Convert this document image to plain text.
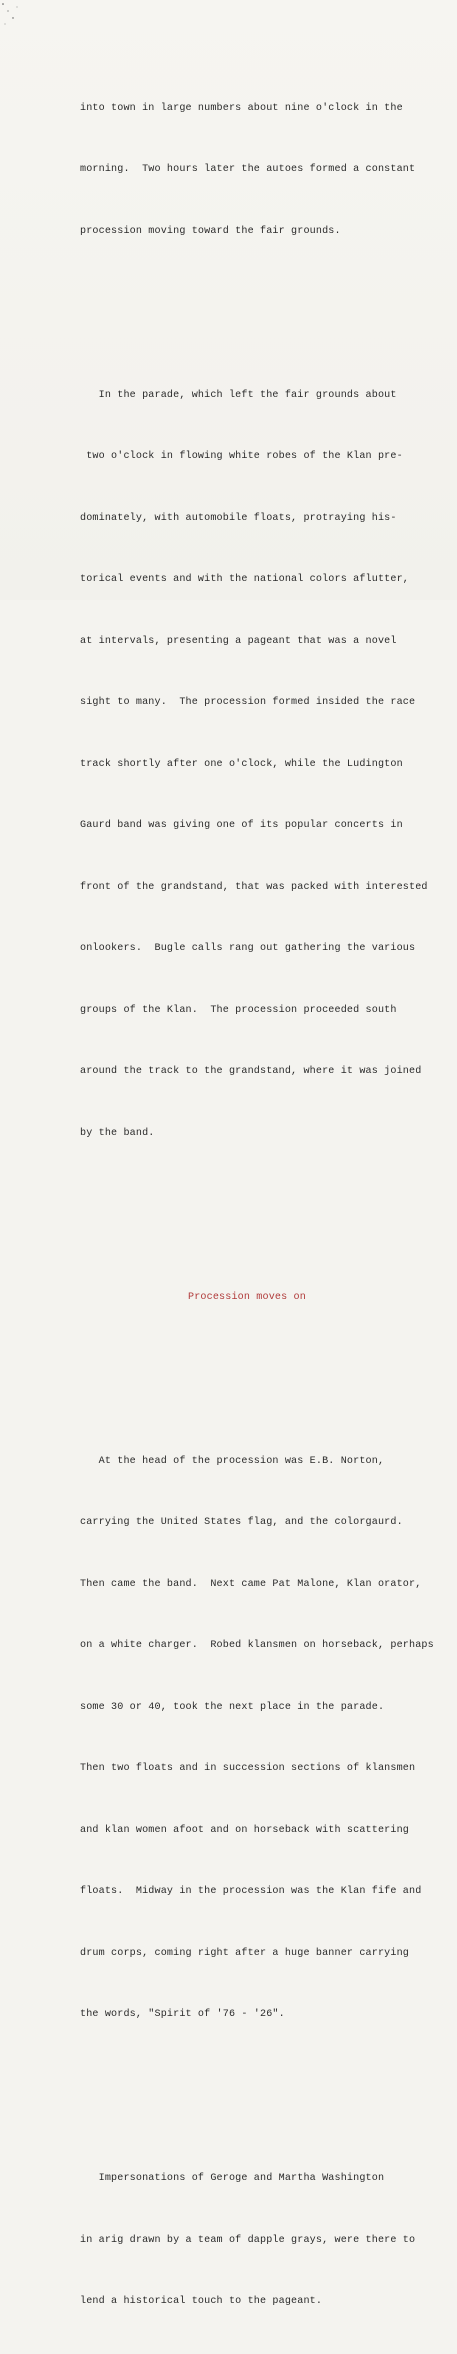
into town in large numbers about nine o'clock in the

morning.  Two hours later the autoes formed a constant

procession moving toward the fair grounds.

In the parade, which left the fair grounds about

two o'clock in flowing white robes of the Klan pre-

dominately, with automobile floats, protraying his-

torical events and with the national colors aflutter,

at intervals, presenting a pageant that was a novel

sight to many.  The procession formed insided the race

track shortly after one o'clock, while the Ludington

Gaurd band was giving one of its popular concerts in

front of the grandstand, that was packed with interested

onlookers.  Bugle calls rang out gathering the various

groups of the Klan.  The procession proceeded south

around the track to the grandstand, where it was joined

by the band.

Procession moves on

At the head of the procession was E.B. Norton,

carrying the United States flag, and the colorgaurd.

Then came the band.  Next came Pat Malone, Klan orator,

on a white charger.  Robed klansmen on horseback, perhaps

some 30 or 40, took the next place in the parade.

Then two floats and in succession sections of klansmen

and klan women afoot and on horseback with scattering

floats.  Midway in the procession was the Klan fife and

drum corps, coming right after a huge banner carrying

the words, "Spirit of '76 - '26".

Impersonations of Geroge and Martha Washington

in arig drawn by a team of dapple grays, were there to

lend a historical touch to the pageant.
